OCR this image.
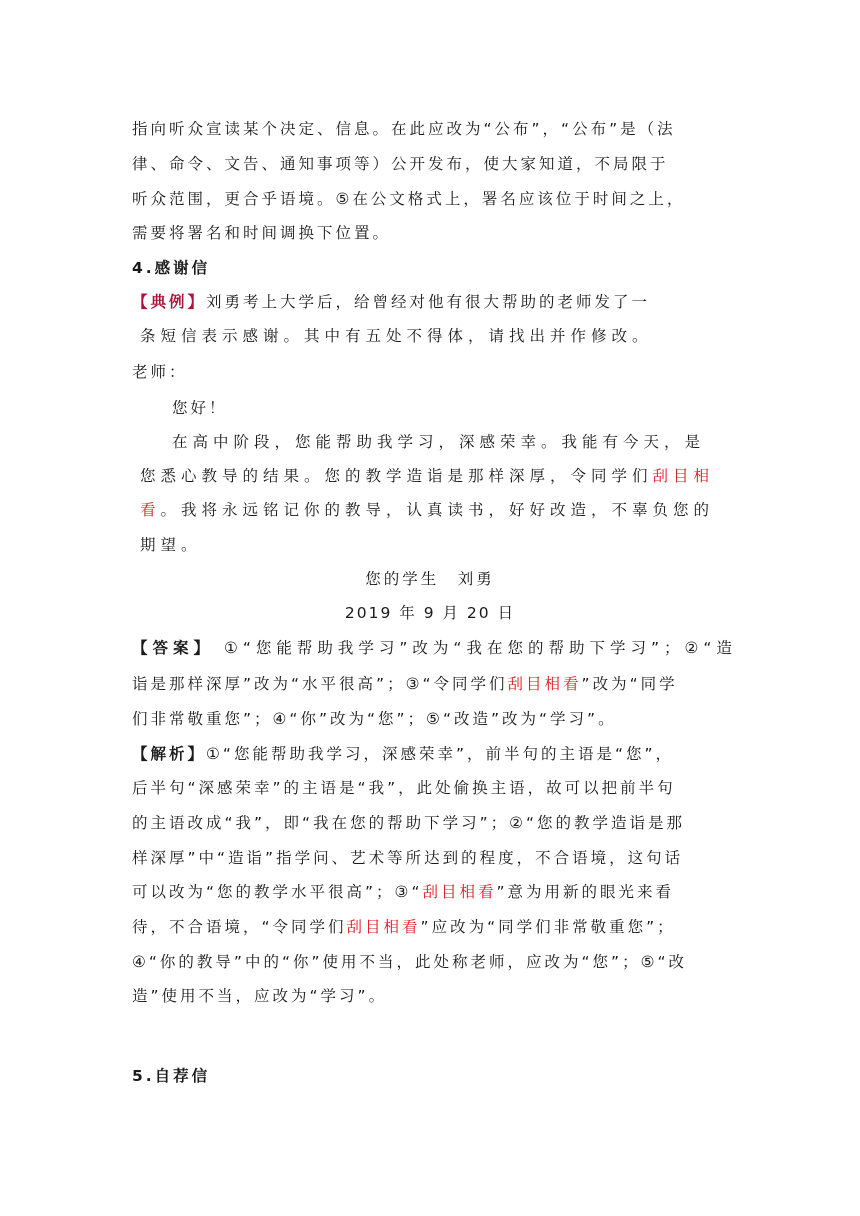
指向听众宣读某个决定、信息。在此应改为“公布”，“公布”是（法
律、命令、文告、通知事项等）公开发布，使大家知道，不局限于
听众范围，更合乎语境。⑤在公文格式上，署名应该位于时间之上，
需要将署名和时间调换下位置。
4.感谢信
【典例】刘勇考上大学后，给曾经对他有很大帮助的老师发了一
条短信表示感谢。其中有五处不得体，请找出并作修改。
老师：
您好！
在高中阶段，您能帮助我学习，深感荣幸。我能有今天，是
您悉心教导的结果。您的教学造诣是那样深厚，令同学们刮目相
看。我将永远铭记你的教导，认真读书，好好改造，不辜负您的
期望。
您的学生　刘勇
2019 年 9 月 20 日
【答案】 ①“您能帮助我学习”改为“我在您的帮助下学习”；②“造
诣是那样深厚”改为“水平很高”；③“令同学们刮目相看”改为“同学
们非常敬重您”；④“你”改为“您”；⑤“改造”改为“学习”。
【解析】①“您能帮助我学习，深感荣幸”，前半句的主语是“您”，
后半句“深感荣幸”的主语是“我”，此处偷换主语，故可以把前半句
的主语改成“我”，即“我在您的帮助下学习”；②“您的教学造诣是那
样深厚”中“造诣”指学问、艺术等所达到的程度，不合语境，这句话
可以改为“您的教学水平很高”；③“刮目相看”意为用新的眼光来看
待，不合语境，“令同学们刮目相看”应改为“同学们非常敬重您”；
④“你的教导”中的“你”使用不当，此处称老师，应改为“您”；⑤“改
造”使用不当，应改为“学习”。
5.自荐信
